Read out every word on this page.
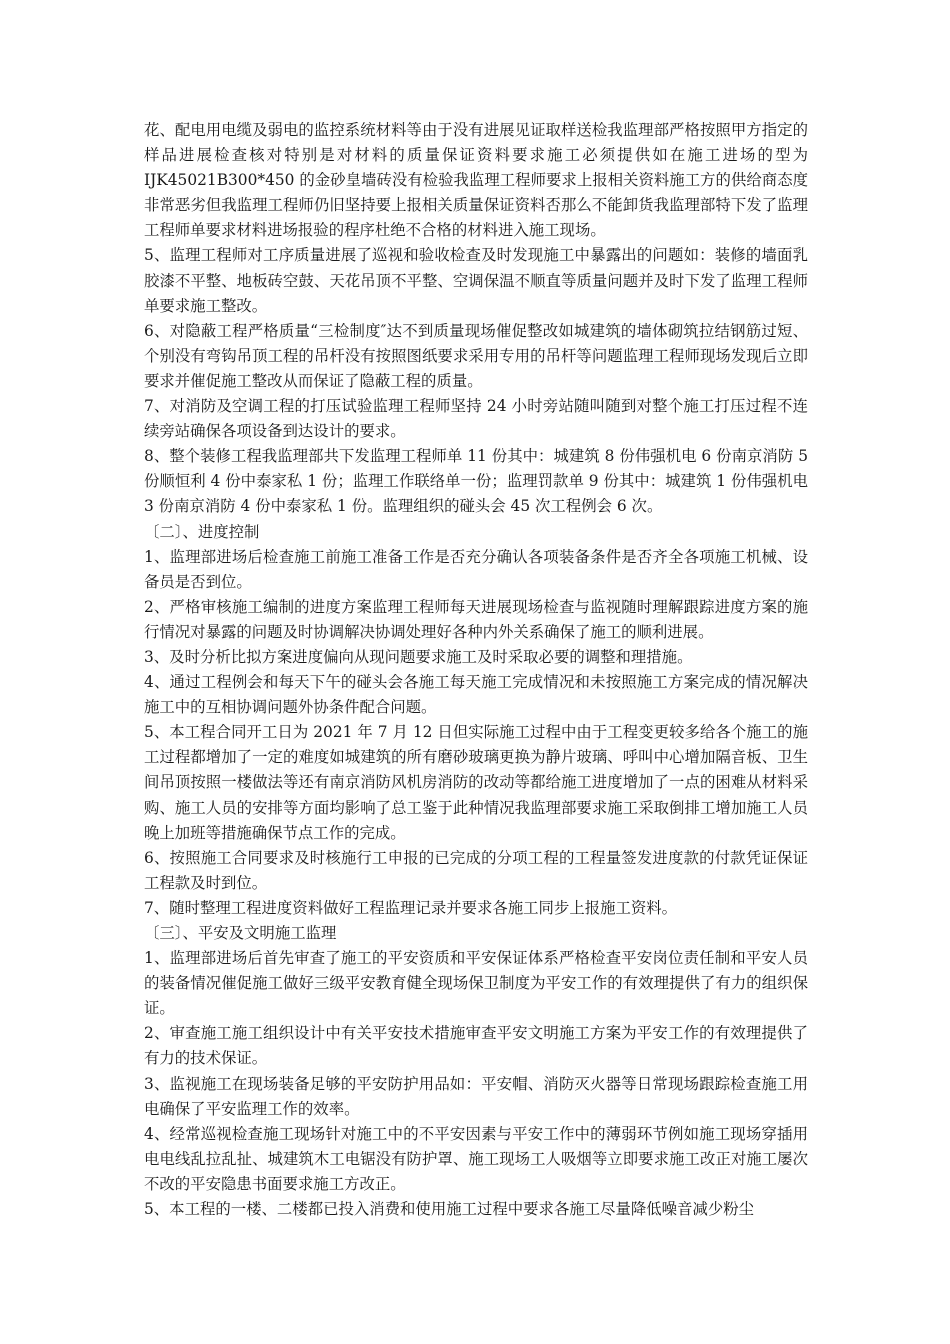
花、配电用电缆及弱电的监控系统材料等由于没有进展见证取样送检我监理部严格按照甲方指定的样品进展检查核对特别是对材料的质量保证资料要求施工必须提供如在施工进场的型为 IJK45021B300*450 的金砂皇墙砖没有检验我监理工程师要求上报相关资料施工方的供给商态度非常恶劣但我监理工程师仍旧坚持要上报相关质量保证资料否那么不能卸货我监理部特下发了监理工程师单要求材料进场报验的程序杜绝不合格的材料进入施工现场。

5、监理工程师对工序质量进展了巡视和验收检查及时发现施工中暴露出的问题如：装修的墙面乳胶漆不平整、地板砖空鼓、天花吊顶不平整、空调保温不顺直等质量问题并及时下发了监理工程师单要求施工整改。

6、对隐蔽工程严格质量“三检制度″达不到质量现场催促整改如城建筑的墙体砌筑拉结钢筋过短、个别没有弯钩吊顶工程的吊杆没有按照图纸要求采用专用的吊杆等问题监理工程师现场发现后立即要求并催促施工整改从而保证了隐蔽工程的质量。

7、对消防及空调工程的打压试验监理工程师坚持 24 小时旁站随叫随到对整个施工打压过程不连续旁站确保各项设备到达设计的要求。

8、整个装修工程我监理部共下发监理工程师单 11 份其中：城建筑 8 份伟强机电 6 份南京消防 5 份顺恒利 4 份中泰家私 1 份；监理工作联络单一份；监理罚款单 9 份其中：城建筑 1 份伟强机电 3 份南京消防 4 份中泰家私 1 份。监理组织的碰头会 45 次工程例会 6 次。

〔二〕、进度控制

1、监理部进场后检查施工前施工准备工作是否充分确认各项装备条件是否齐全各项施工机械、设备员是否到位。

2、严格审核施工编制的进度方案监理工程师每天进展现场检查与监视随时理解跟踪进度方案的施行情况对暴露的问题及时协调解决协调处理好各种内外关系确保了施工的顺利进展。

3、及时分析比拟方案进度偏向从现问题要求施工及时采取必要的调整和理措施。

4、通过工程例会和每天下午的碰头会各施工每天施工完成情况和未按照施工方案完成的情况解决施工中的互相协调问题外协条件配合问题。

5、本工程合同开工日为 2021 年 7 月 12 日但实际施工过程中由于工程变更较多给各个施工的施工过程都增加了一定的难度如城建筑的所有磨砂玻璃更换为静片玻璃、呼叫中心增加隔音板、卫生间吊顶按照一楼做法等还有南京消防风机房消防的改动等都给施工进度增加了一点的困难从材料采购、施工人员的安排等方面均影响了总工鉴于此种情况我监理部要求施工采取倒排工增加施工人员晚上加班等措施确保节点工作的完成。

6、按照施工合同要求及时核施行工申报的已完成的分项工程的工程量签发进度款的付款凭证保证工程款及时到位。

7、随时整理工程进度资料做好工程监理记录并要求各施工同步上报施工资料。

〔三〕、平安及文明施工监理

1、监理部进场后首先审查了施工的平安资质和平安保证体系严格检查平安岗位责任制和平安人员的装备情况催促施工做好三级平安教育健全现场保卫制度为平安工作的有效理提供了有力的组织保证。

2、审查施工施工组织设计中有关平安技术措施审查平安文明施工方案为平安工作的有效理提供了有力的技术保证。

3、监视施工在现场装备足够的平安防护用品如：平安帽、消防灭火器等日常现场跟踪检查施工用电确保了平安监理工作的效率。

4、经常巡视检查施工现场针对施工中的不平安因素与平安工作中的薄弱环节例如施工现场穿插用电电线乱拉乱扯、城建筑木工电锯没有防护罩、施工现场工人吸烟等立即要求施工改正对施工屡次不改的平安隐患书面要求施工方改正。

5、本工程的一楼、二楼都已投入消费和使用施工过程中要求各施工尽量降低噪音减少粉尘
